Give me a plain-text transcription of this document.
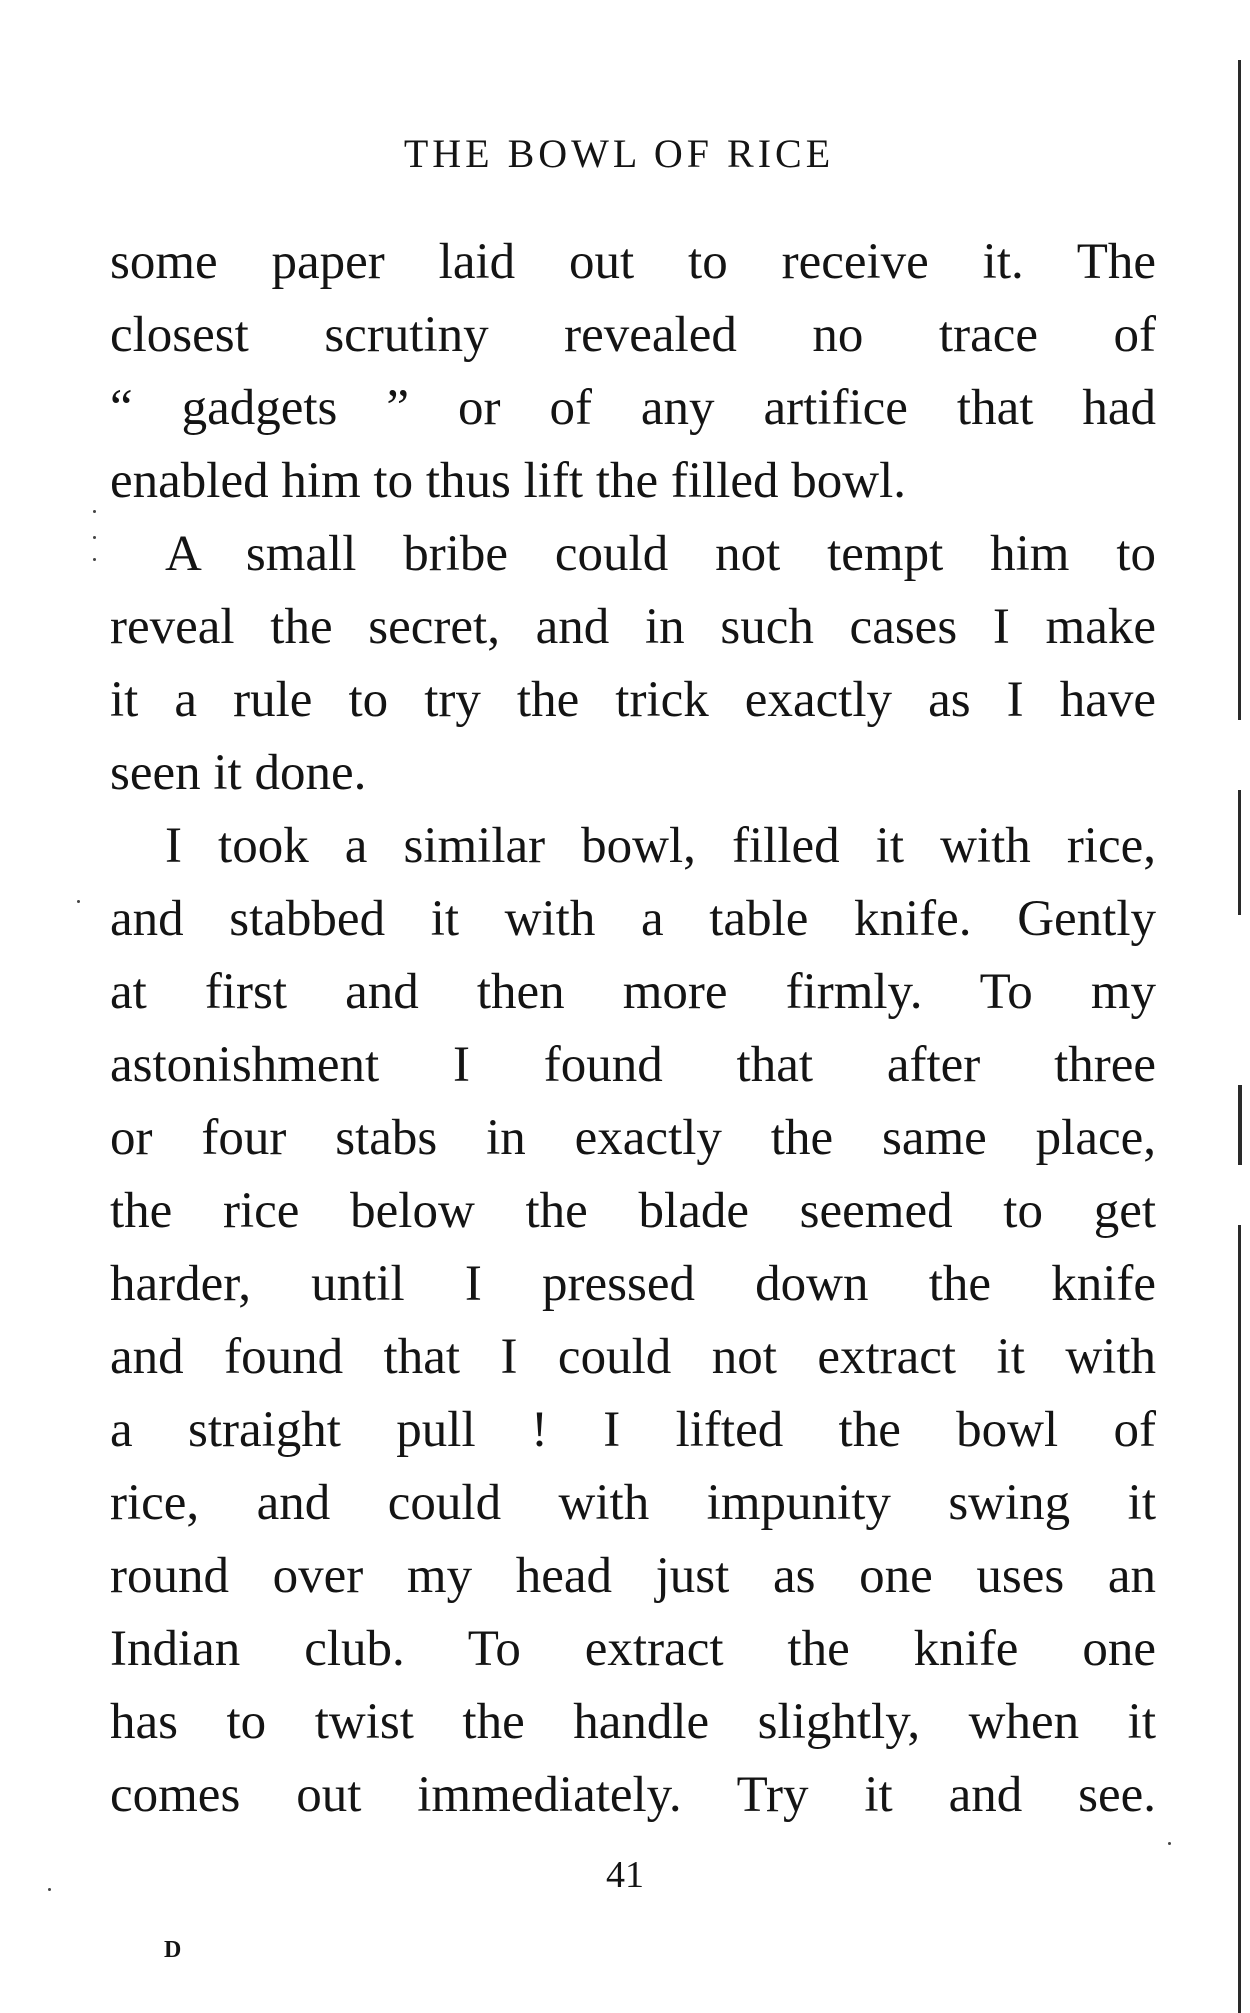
THE BOWL OF RICE
some paper laid out to receive it. The
closest scrutiny revealed no trace of
“ gadgets ” or of any artifice that had
enabled him to thus lift the filled bowl.
A small bribe could not tempt him to
reveal the secret, and in such cases I make
it a rule to try the trick exactly as I have
seen it done.
I took a similar bowl, filled it with rice,
and stabbed it with a table knife. Gently
at first and then more firmly. To my
astonishment I found that after three
or four stabs in exactly the same place,
the rice below the blade seemed to get
harder, until I pressed down the knife
and found that I could not extract it with
a straight pull ! I lifted the bowl of
rice, and could with impunity swing it
round over my head just as one uses an
Indian club. To extract the knife one
has to twist the handle slightly, when it
comes out immediately. Try it and see.
41
D
